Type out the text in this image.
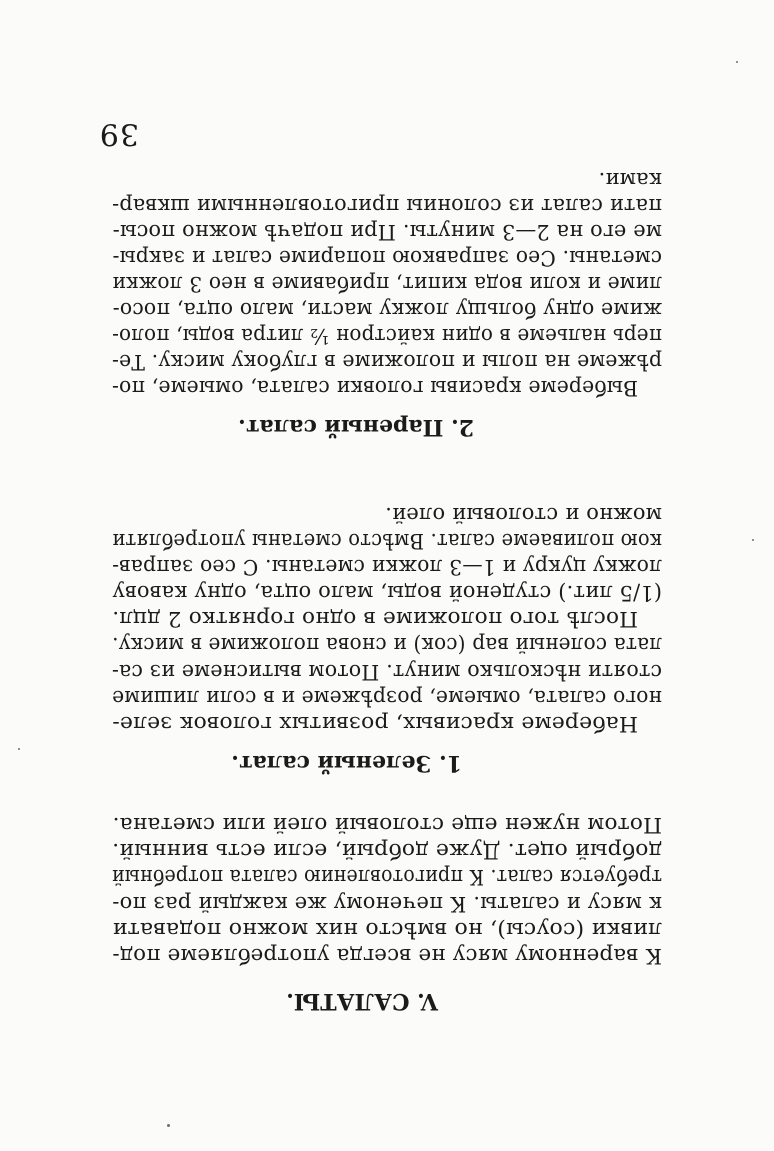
39
V. САЛАТЫ.
К варенному мясу не всегда употребляеме под-
ливки (соусы), но вмѣсто них можно подавати
к мясу и салаты. К печеному же каждый раз по-
требуется салат. К приготовлению салата потребный
добрый оцет. Дуже добрый, если есть винный.
Потом нужен еще столовый олей или сметана.
1. Зеленый салат.
Наберeме красивых, розвитых головок зеле-
ного салата, омыеме, розрѣжеме и в соли лишиме
стояти нѣсколько минут. Потом вытиснеме из са-
лата соленый вар (сок) и снова положиме в миску.
Послѣ того положиме в одно горнятко 2 дцл.
(1/5 лит.) студеной воды, мало оцта, одну кавову
ложку цукру и 1—3 ложки сметаны. С сео заправ-
кою поливаеме салат. Вмѣсто сметаны употребляти
можно и столовый олей.
2. Парeный салат.
Выберeме красивы головки салата, омыеме, по-
рѣжеме на полы и положиме в глубоку миску. Те-
перь нальеме в один кайстрон ½ литра воды, поло-
жиме одну больщу ложку масти, мало оцта, посо-
лиме и коли вода кипит, прибавиме в нео 3 ложки
сметаны. Сео заправкою попариме салат и закры-
ме его на 2—3 минуты. При подачѣ можно посы-
пати салат из солониы приготовленными шквар-
ками.
